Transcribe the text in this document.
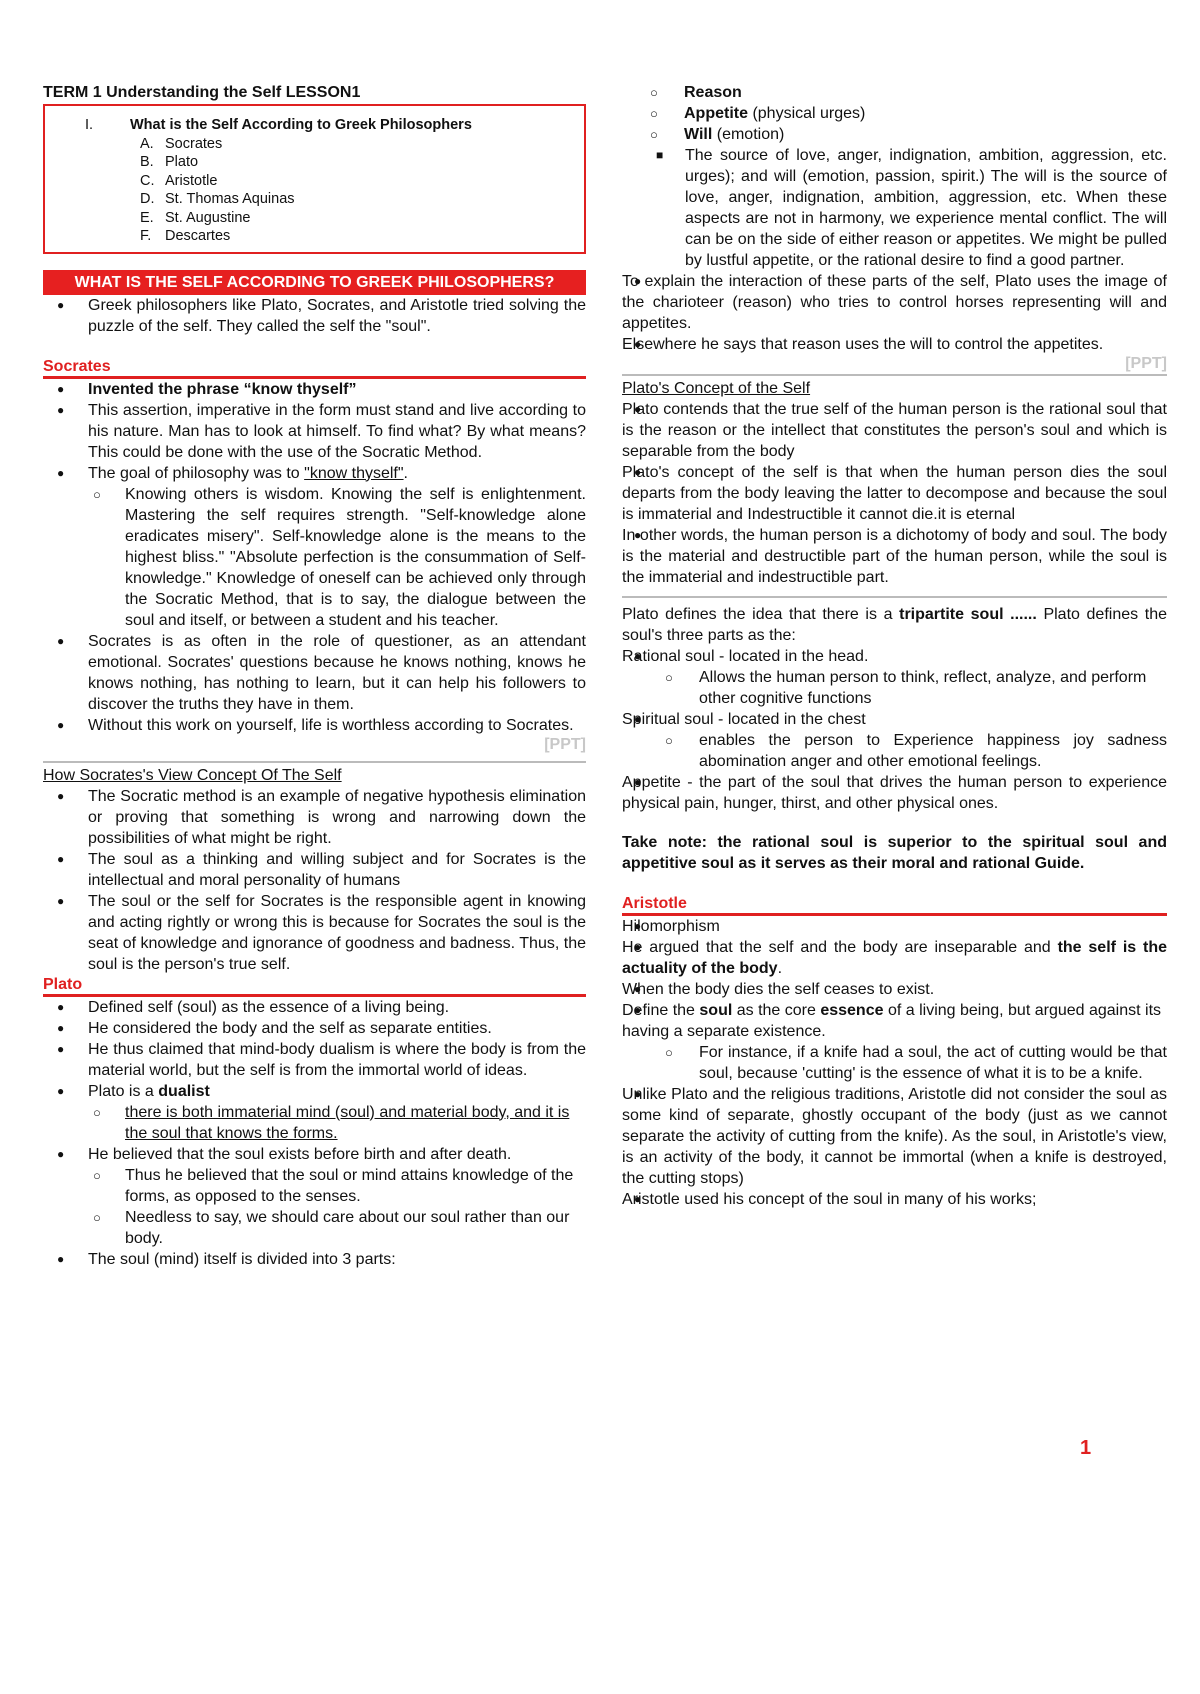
TERM 1 Understanding the Self LESSON1
I.	What is the Self According to Greek Philosophers
A. Socrates
B. Plato
C. Aristotle
D. St. Thomas Aquinas
E. St. Augustine
F. Descartes
WHAT IS THE SELF ACCORDING TO GREEK PHILOSOPHERS?
● Greek philosophers like Plato, Socrates, and Aristotle tried solving the puzzle of the self. They called the self the "soul".
Socrates
● Invented the phrase “know thyself”
● This assertion, imperative in the form must stand and live according to his nature. Man has to look at himself. To find what? By what means? This could be done with the use of the Socratic Method.
● The goal of philosophy was to "know thyself".
○ Knowing others is wisdom. Knowing the self is enlightenment. Mastering the self requires strength. "Self-knowledge alone eradicates misery". Self-knowledge alone is the means to the highest bliss." "Absolute perfection is the consummation of Self-knowledge." Knowledge of oneself can be achieved only through the Socratic Method, that is to say, the dialogue between the soul and itself, or between a student and his teacher.
● Socrates is as often in the role of questioner, as an attendant emotional. Socrates' questions because he knows nothing, knows he knows nothing, has nothing to learn, but it can help his followers to discover the truths they have in them.
● Without this work on yourself, life is worthless according to Socrates.
[PPT]
How Socrates's View Concept Of The Self
● The Socratic method is an example of negative hypothesis elimination or proving that something is wrong and narrowing down the possibilities of what might be right.
● The soul as a thinking and willing subject and for Socrates is the intellectual and moral personality of humans
● The soul or the self for Socrates is the responsible agent in knowing and acting rightly or wrong this is because for Socrates the soul is the seat of knowledge and ignorance of goodness and badness. Thus, the soul is the person's true self.
Plato
● Defined self (soul) as the essence of a living being.
● He considered the body and the self as separate entities.
● He thus claimed that mind-body dualism is where the body is from the material world, but the self is from the immortal world of ideas.
● Plato is a dualist
○ there is both immaterial mind (soul) and material body, and it is the soul that knows the forms.
● He believed that the soul exists before birth and after death.
○ Thus he believed that the soul or mind attains knowledge of the forms, as opposed to the senses.
○ Needless to say, we should care about our soul rather than our body.
● The soul (mind) itself is divided into 3 parts:
○ Reason
○ Appetite (physical urges)
○ Will (emotion)
■ The source of love, anger, indignation, ambition, aggression, etc. urges); and will (emotion, passion, spirit.) The will is the source of love, anger, indignation, ambition, aggression, etc. When these aspects are not in harmony, we experience mental conflict. The will can be on the side of either reason or appetites. We might be pulled by lustful appetite, or the rational desire to find a good partner.
● To explain the interaction of these parts of the self, Plato uses the image of the charioteer (reason) who tries to control horses representing will and appetites.
● Elsewhere he says that reason uses the will to control the appetites.
[PPT]
Plato's Concept of the Self
● Plato contends that the true self of the human person is the rational soul that is the reason or the intellect that constitutes the person's soul and which is separable from the body
● Plato's concept of the self is that when the human person dies the soul departs from the body leaving the latter to decompose and because the soul is immaterial and Indestructible it cannot die.it is eternal
● In other words, the human person is a dichotomy of body and soul. The body is the material and destructible part of the human person, while the soul is the immaterial and indestructible part.
Plato defines the idea that there is a tripartite soul ...... Plato defines the soul's three parts as the:
● Rational soul - located in the head.
○ Allows the human person to think, reflect, analyze, and perform other cognitive functions
● Spiritual soul - located in the chest
○ enables the person to Experience happiness joy sadness abomination anger and other emotional feelings.
● Appetite - the part of the soul that drives the human person to experience physical pain, hunger, thirst, and other physical ones.
Take note: the rational soul is superior to the spiritual soul and appetitive soul as it serves as their moral and rational Guide.
Aristotle
● Hilomorphism
● He argued that the self and the body are inseparable and the self is the actuality of the body.
● When the body dies the self ceases to exist.
● Define the soul as the core essence of a living being, but argued against its having a separate existence.
○ For instance, if a knife had a soul, the act of cutting would be that soul, because 'cutting' is the essence of what it is to be a knife.
● Unlike Plato and the religious traditions, Aristotle did not consider the soul as some kind of separate, ghostly occupant of the body (just as we cannot separate the activity of cutting from the knife). As the soul, in Aristotle's view, is an activity of the body, it cannot be immortal (when a knife is destroyed, the cutting stops)
● Aristotle used his concept of the soul in many of his works;
1
